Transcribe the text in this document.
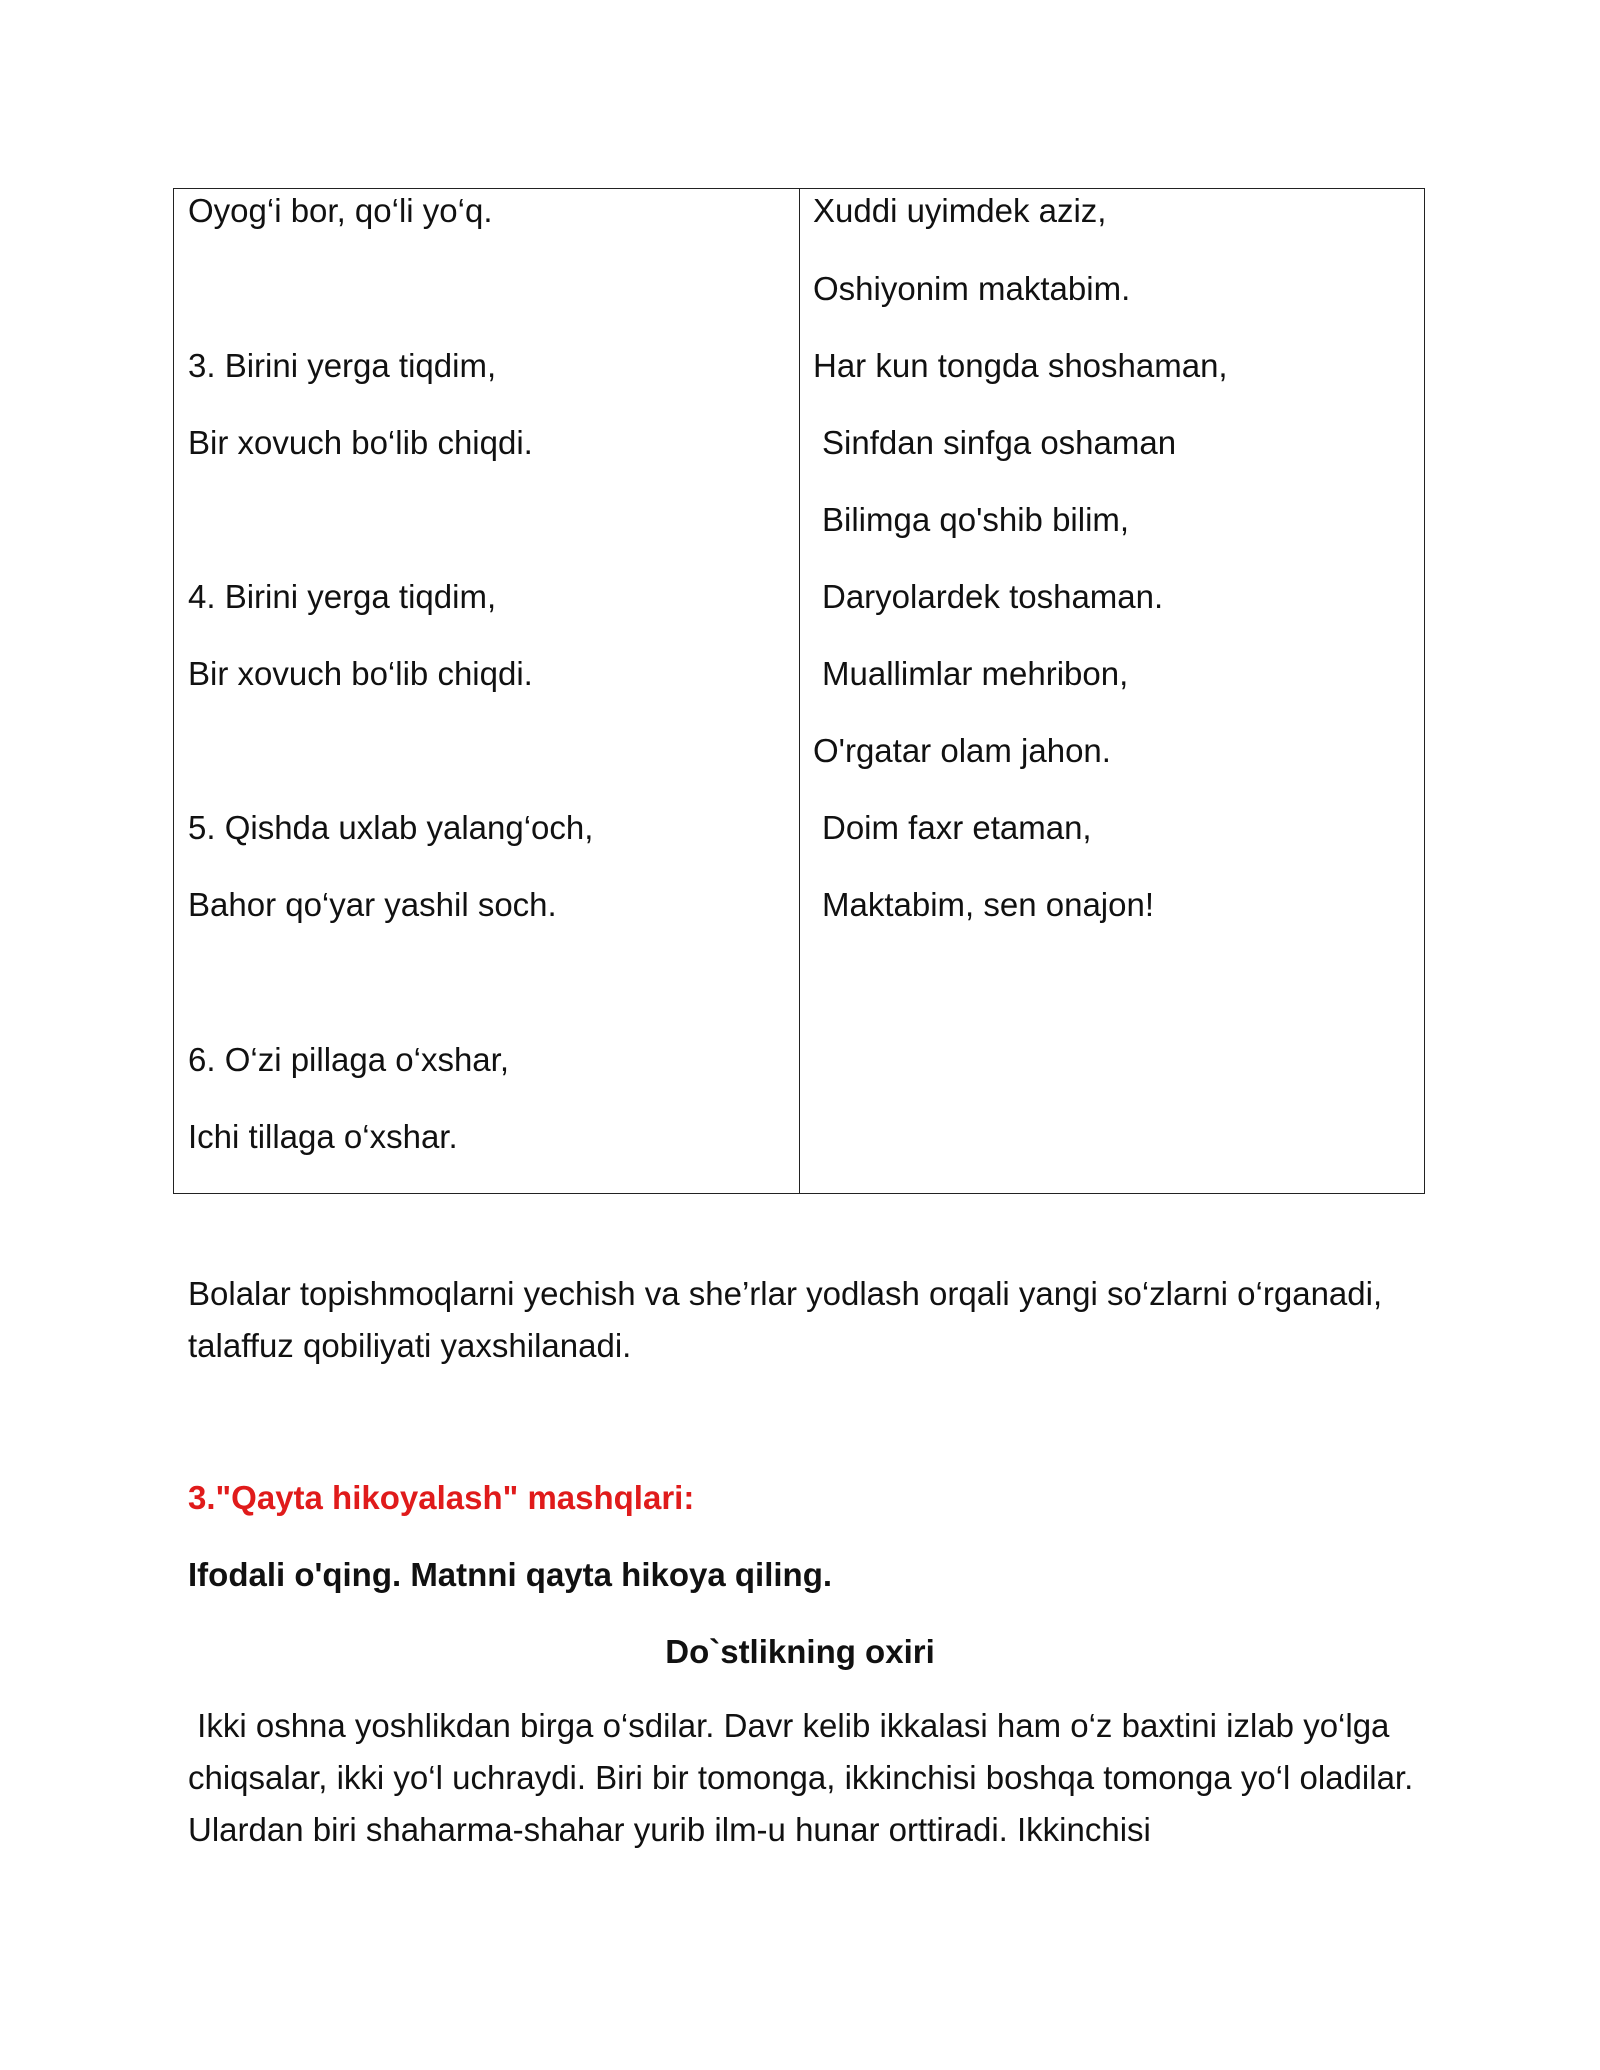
Oyog‘i bor, qo‘li yo‘q.
3. Birini yerga tiqdim,
Bir xovuch bo‘lib chiqdi.
4. Birini yerga tiqdim,
Bir xovuch bo‘lib chiqdi.
5. Qishda uxlab yalang‘och,
Bahor qo‘yar yashil soch.
6. O‘zi pillaga o‘xshar,
Ichi tillaga o‘xshar.
Xuddi uyimdek aziz,
Oshiyonim maktabim.
Har kun tongda shoshaman,
Sinfdan sinfga oshaman
Bilimga qo'shib bilim,
Daryolardek toshaman.
Muallimlar mehribon,
O'rgatar olam jahon.
Doim faxr etaman,
Maktabim, sen onajon!
Bolalar topishmoqlarni yechish va she’rlar yodlash orqali yangi so‘zlarni o‘rganadi, talaffuz qobiliyati yaxshilanadi.
3."Qayta hikoyalash" mashqlari:
Ifodali o'qing. Matnni qayta hikoya qiling.
Do`stlikning oxiri
Ikki oshna yoshlikdan birga o‘sdilar. Davr kelib ikkalasi ham o‘z baxtini izlab yo‘lga chiqsalar, ikki yo‘l uchraydi. Biri bir tomonga, ikkinchisi boshqa tomonga yo‘l oladilar. Ulardan biri shaharma-shahar yurib ilm-u hunar orttiradi. Ikkinchisi
